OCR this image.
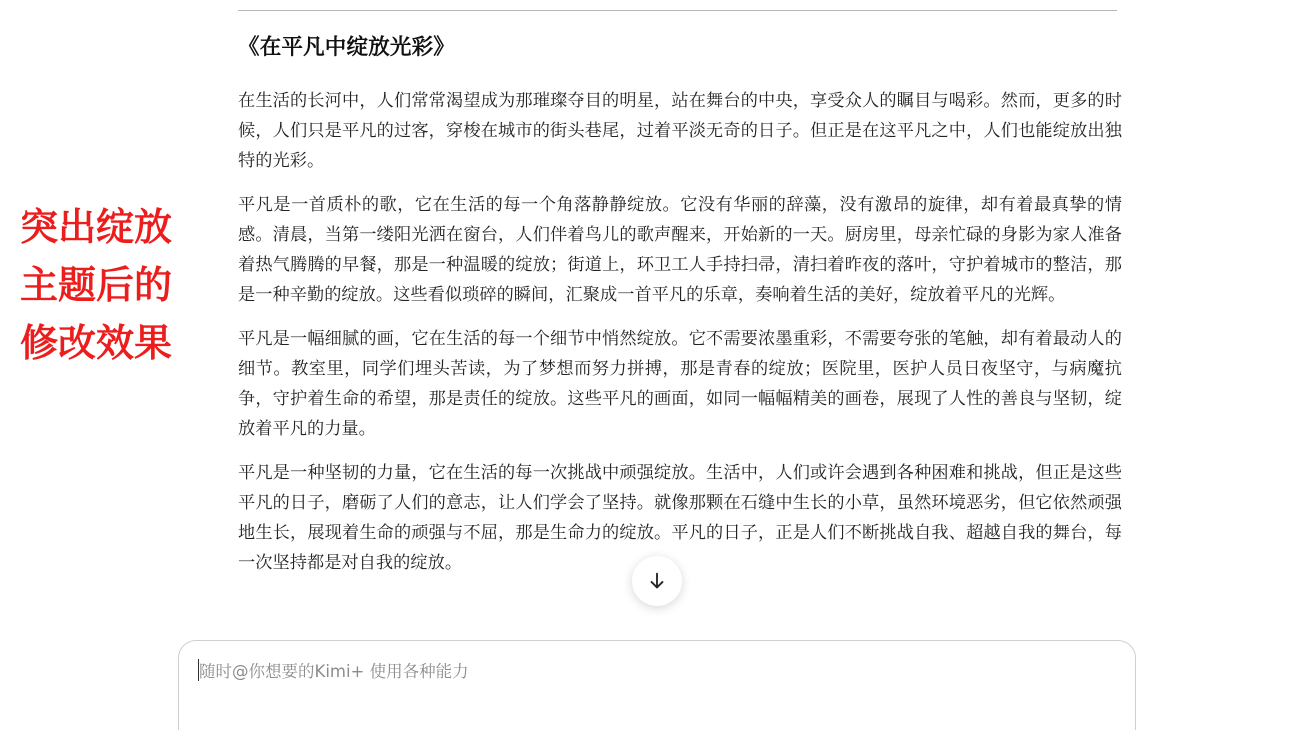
突出绽放
主题后的
修改效果
《在平凡中绽放光彩》

在生活的长河中，人们常常渴望成为那璀璨夺目的明星，站在舞台的中央，享受众人的瞩目与喝彩。然而，更多的时候，人们只是平凡的过客，穿梭在城市的街头巷尾，过着平淡无奇的日子。但正是在这平凡之中，人们也能绽放出独特的光彩。

平凡是一首质朴的歌，它在生活的每一个角落静静绽放。它没有华丽的辞藻，没有激昂的旋律，却有着最真挚的情感。清晨，当第一缕阳光洒在窗台，人们伴着鸟儿的歌声醒来，开始新的一天。厨房里，母亲忙碌的身影为家人准备着热气腾腾的早餐，那是一种温暖的绽放；街道上，环卫工人手持扫帚，清扫着昨夜的落叶，守护着城市的整洁，那是一种辛勤的绽放。这些看似琐碎的瞬间，汇聚成一首平凡的乐章，奏响着生活的美好，绽放着平凡的光辉。

平凡是一幅细腻的画，它在生活的每一个细节中悄然绽放。它不需要浓墨重彩，不需要夸张的笔触，却有着最动人的细节。教室里，同学们埋头苦读，为了梦想而努力拼搏，那是青春的绽放；医院里，医护人员日夜坚守，与病魔抗争，守护着生命的希望，那是责任的绽放。这些平凡的画面，如同一幅幅精美的画卷，展现了人性的善良与坚韧，绽放着平凡的力量。

平凡是一种坚韧的力量，它在生活的每一次挑战中顽强绽放。生活中，人们或许会遇到各种困难和挑战，但正是这些平凡的日子，磨砺了人们的意志，让人们学会了坚持。就像那颗在石缝中生长的小草，虽然环境恶劣，但它依然顽强地生长，展现着生命的顽强与不屈，那是生命力的绽放。平凡的日子，正是人们不断挑战自我、超越自我的舞台，每一次坚持都是对自我的绽放。

随时@你想要的Kimi+ 使用各种能力
